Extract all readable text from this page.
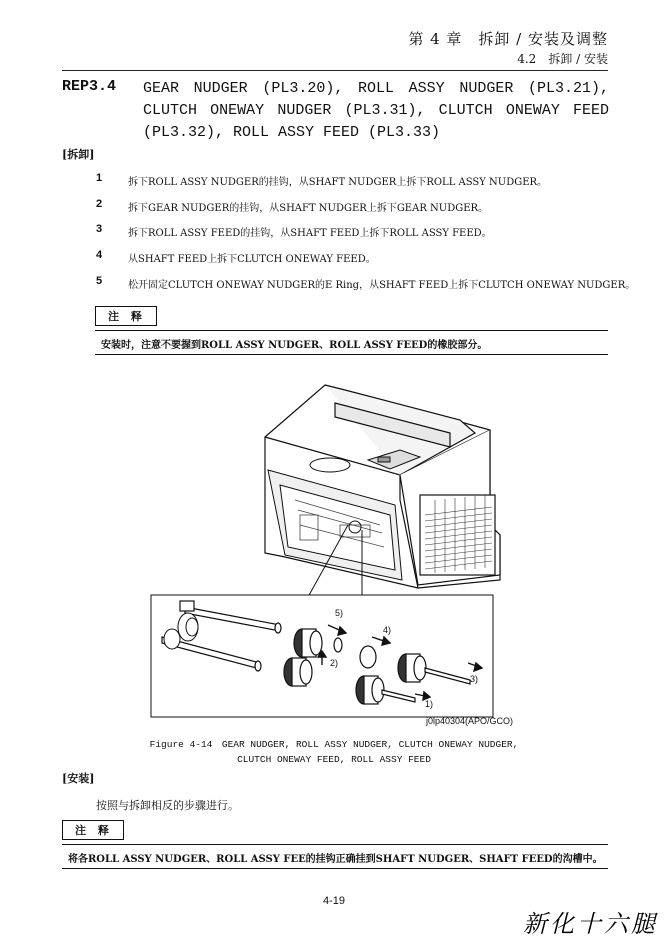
第 4 章　拆卸 / 安装及调整
4.2　拆卸 / 安装
REP3.4 GEAR NUDGER (PL3.20), ROLL ASSY NUDGER (PL3.21), CLUTCH ONEWAY NUDGER (PL3.31), CLUTCH ONEWAY FEED (PL3.32), ROLL ASSY FEED (PL3.33)
[拆卸]
1	拆下ROLL ASSY NUDGER的挂钩，从SHAFT NUDGER上拆下ROLL ASSY NUDGER。
2	拆下GEAR NUDGER的挂钩，从SHAFT NUDGER上拆下GEAR NUDGER。
3	拆下ROLL ASSY FEED的挂钩，从SHAFT FEED上拆下ROLL ASSY FEED。
4	从SHAFT FEED上拆下CLUTCH ONEWAY FEED。
5	松开固定CLUTCH ONEWAY NUDGER的E Ring，从SHAFT FEED上拆下CLUTCH ONEWAY NUDGER。
注 释
安装时，注意不要握到ROLL ASSY NUDGER、ROLL ASSY FEED的橡胶部分。
5)
4)
2)
3)
1)
j0lp40304(APO/GCO)
Figure 4-14　GEAR NUDGER, ROLL ASSY NUDGER, CLUTCH ONEWAY NUDGER,
CLUTCH ONEWAY FEED, ROLL ASSY FEED
[安装]
按照与拆卸相反的步骤进行。
注 释
将各ROLL ASSY NUDGER、ROLL ASSY FEE的挂钩正确挂到SHAFT NUDGER、SHAFT FEED的沟槽中。
4-19
新化十六腿
